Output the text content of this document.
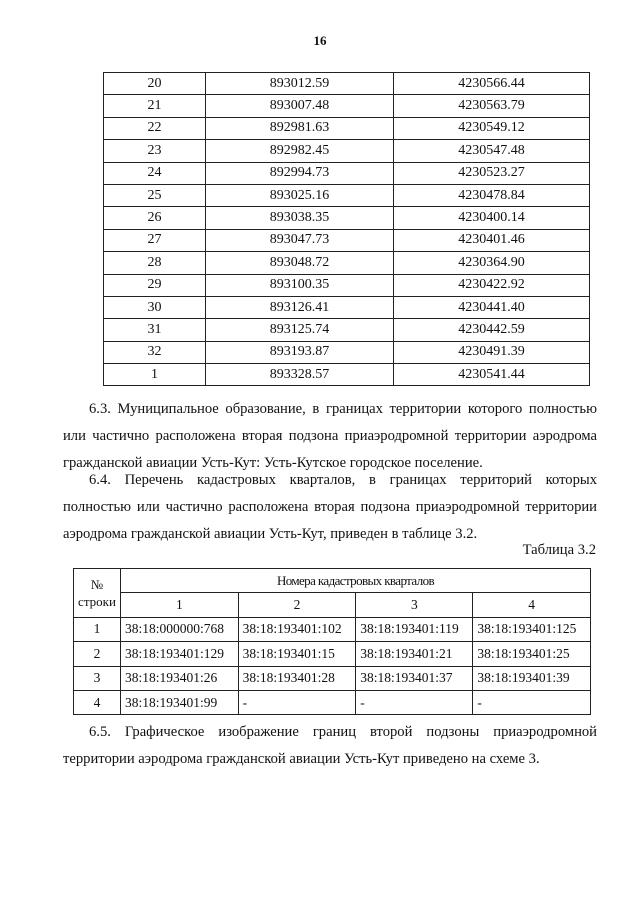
16
20	893012.59	4230566.44
21	893007.48	4230563.79
22	892981.63	4230549.12
23	892982.45	4230547.48
24	892994.73	4230523.27
25	893025.16	4230478.84
26	893038.35	4230400.14
27	893047.73	4230401.46
28	893048.72	4230364.90
29	893100.35	4230422.92
30	893126.41	4230441.40
31	893125.74	4230442.59
32	893193.87	4230491.39
1	893328.57	4230541.44
6.3. Муниципальное образование, в границах территории которого полностью или частично расположена вторая подзона приаэродромной территории аэродрома гражданской авиации Усть-Кут: Усть-Кутское городское поселение.
6.4. Перечень кадастровых кварталов, в границах территорий которых полностью или частично расположена вторая подзона приаэродромной территории аэродрома гражданской авиации Усть-Кут, приведен в таблице 3.2.
Таблица 3.2
№
строки	Номера кадастровых кварталов			
	1	2	3	4
1	38:18:000000:768	38:18:193401:102	38:18:193401:119	38:18:193401:125
2	38:18:193401:129	38:18:193401:15	38:18:193401:21	38:18:193401:25
3	38:18:193401:26	38:18:193401:28	38:18:193401:37	38:18:193401:39
4	38:18:193401:99	-	-	-
6.5. Графическое изображение границ второй подзоны приаэродромной территории аэродрома гражданской авиации Усть-Кут приведено на схеме 3.
